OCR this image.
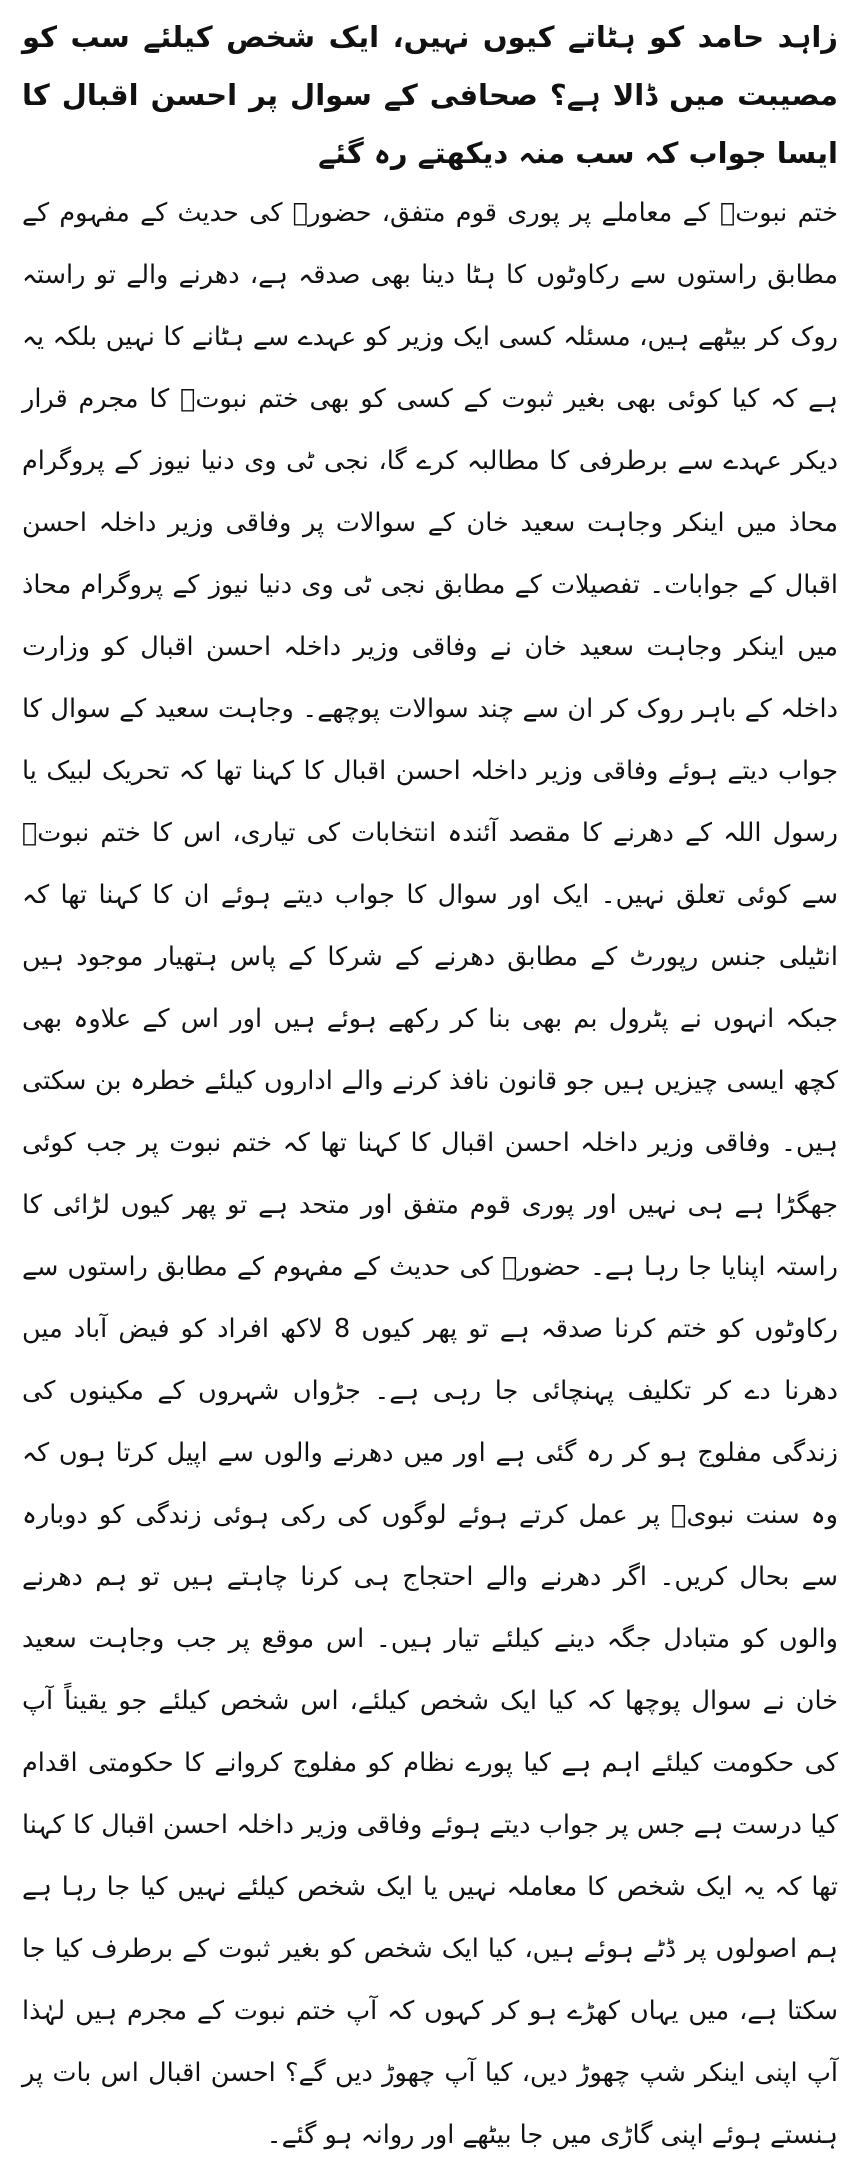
زاہد حامد کو ہٹاتے کیوں نہیں، ایک شخص کیلئے سب کو مصیبت میں ڈالا ہے؟ صحافی کے سوال پر احسن اقبال کا ایسا جواب کہ سب منہ دیکھتے رہ گئے

ختم نبوتؐ کے معاملے پر پوری قوم متفق، حضورؐ کی حدیث کے مفہوم کے مطابق راستوں سے رکاوٹوں کا ہٹا دینا بھی صدقہ ہے، دھرنے والے تو راستہ روک کر بیٹھے ہیں، مسئلہ کسی ایک وزیر کو عہدے سے ہٹانے کا نہیں بلکہ یہ ہے کہ کیا کوئی بھی بغیر ثبوت کے کسی کو بھی ختم نبوتؐ کا مجرم قرار دیکر عہدے سے برطرفی کا مطالبہ کرے گا، نجی ٹی وی دنیا نیوز کے پروگرام محاذ میں اینکر وجاہت سعید خان کے سوالات پر وفاقی وزیر داخلہ احسن اقبال کے جوابات۔ تفصیلات کے مطابق نجی ٹی وی دنیا نیوز کے پروگرام محاذ میں اینکر وجاہت سعید خان نے وفاقی وزیر داخلہ احسن اقبال کو وزارت داخلہ کے باہر روک کر ان سے چند سوالات پوچھے۔ وجاہت سعید کے سوال کا جواب دیتے ہوئے وفاقی وزیر داخلہ احسن اقبال کا کہنا تھا کہ تحریک لبیک یا رسول اللہ کے دھرنے کا مقصد آئندہ انتخابات کی تیاری، اس کا ختم نبوتؐ سے کوئی تعلق نہیں۔ ایک اور سوال کا جواب دیتے ہوئے ان کا کہنا تھا کہ انٹیلی جنس رپورٹ کے مطابق دھرنے کے شرکا کے پاس ہتھیار موجود ہیں جبکہ انہوں نے پٹرول بم بھی بنا کر رکھے ہوئے ہیں اور اس کے علاوہ بھی کچھ ایسی چیزیں ہیں جو قانون نافذ کرنے والے اداروں کیلئے خطرہ بن سکتی ہیں۔ وفاقی وزیر داخلہ احسن اقبال کا کہنا تھا کہ ختم نبوت پر جب کوئی جھگڑا ہے ہی نہیں اور پوری قوم متفق اور متحد ہے تو پھر کیوں لڑائی کا راستہ اپنایا جا رہا ہے۔ حضورؐ کی حدیث کے مفہوم کے مطابق راستوں سے رکاوٹوں کو ختم کرنا صدقہ ہے تو پھر کیوں 8 لاکھ افراد کو فیض آباد میں دھرنا دے کر تکلیف پہنچائی جا رہی ہے۔ جڑواں شہروں کے مکینوں کی زندگی مفلوج ہو کر رہ گئی ہے اور میں دھرنے والوں سے اپیل کرتا ہوں کہ وہ سنت نبویؐ پر عمل کرتے ہوئے لوگوں کی رکی ہوئی زندگی کو دوبارہ سے بحال کریں۔ اگر دھرنے والے احتجاج ہی کرنا چاہتے ہیں تو ہم دھرنے والوں کو متبادل جگہ دینے کیلئے تیار ہیں۔ اس موقع پر جب وجاہت سعید خان نے سوال پوچھا کہ کیا ایک شخص کیلئے، اس شخص کیلئے جو یقیناً آپ کی حکومت کیلئے اہم ہے کیا پورے نظام کو مفلوج کروانے کا حکومتی اقدام کیا درست ہے جس پر جواب دیتے ہوئے وفاقی وزیر داخلہ احسن اقبال کا کہنا تھا کہ یہ ایک شخص کا معاملہ نہیں یا ایک شخص کیلئے نہیں کیا جا رہا ہے ہم اصولوں پر ڈٹے ہوئے ہیں، کیا ایک شخص کو بغیر ثبوت کے برطرف کیا جا سکتا ہے، میں یہاں کھڑے ہو کر کہوں کہ آپ ختم نبوت کے مجرم ہیں لہٰذا آپ اپنی اینکر شپ چھوڑ دیں، کیا آپ چھوڑ دیں گے؟ احسن اقبال اس بات پر ہنستے ہوئے اپنی گاڑی میں جا بیٹھے اور روانہ ہو گئے۔
